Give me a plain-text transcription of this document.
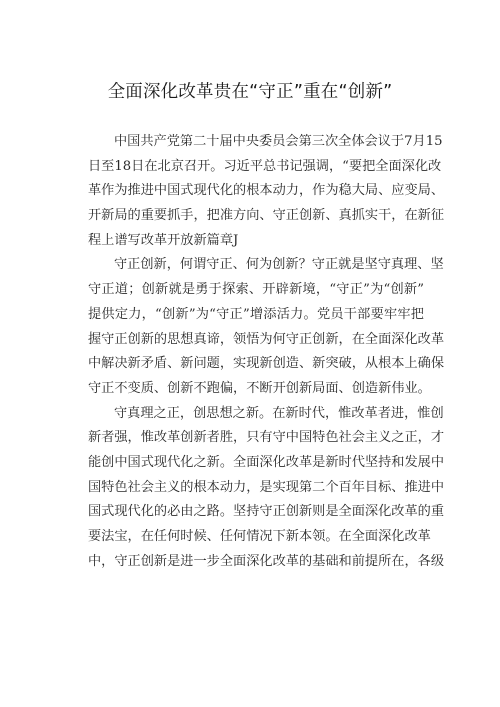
全面深化改革贵在“守正”重在“创新”

中国共产党第二十届中央委员会第三次全体会议于7月15
日至18日在北京召开。习近平总书记强调，“要把全面深化改
革作为推进中国式现代化的根本动力，作为稳大局、应变局、
开新局的重要抓手，把准方向、守正创新、真抓实干，在新征
程上谱写改革开放新篇章J

守正创新，何谓守正、何为创新？守正就是坚守真理、坚
守正道；创新就是勇于探索、开辟新境，“守正”为“创新”
提供定力，“创新”为“守正”增添活力。党员干部要牢牢把
握守正创新的思想真谛，领悟为何守正创新，在全面深化改革
中解决新矛盾、新问题，实现新创造、新突破，从根本上确保
守正不变质、创新不跑偏，不断开创新局面、创造新伟业。

守真理之正，创思想之新。在新时代，惟改革者进，惟创
新者强，惟改革创新者胜，只有守中国特色社会主义之正，才
能创中国式现代化之新。全面深化改革是新时代坚持和发展中
国特色社会主义的根本动力，是实现第二个百年目标、推进中
国式现代化的必由之路。坚持守正创新则是全面深化改革的重
要法宝，在任何时候、任何情况下新本领。在全面深化改革
中，守正创新是进一步全面深化改革的基础和前提所在，各级
